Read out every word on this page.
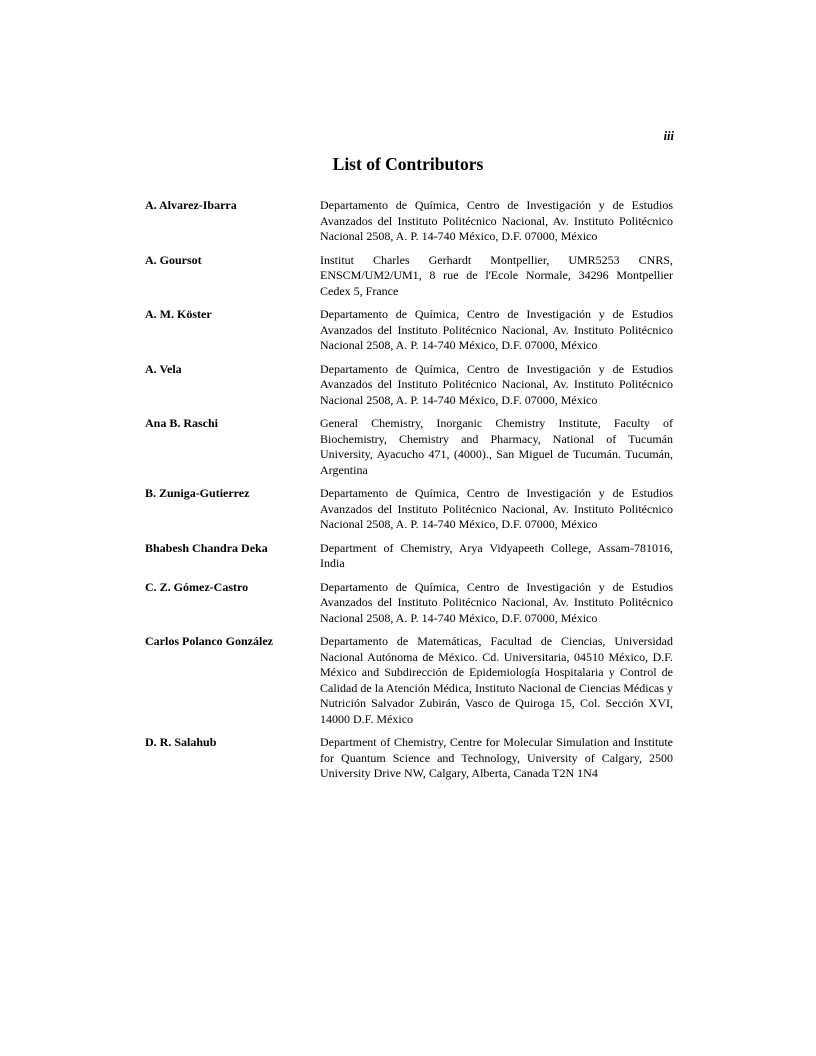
iii
List of Contributors
A. Alvarez-Ibarra	Departamento de Química, Centro de Investigación y de Estudios Avanzados del Instituto Politécnico Nacional, Av. Instituto Politécnico Nacional 2508, A. P. 14-740 México, D.F. 07000, México
A. Goursot	Institut Charles Gerhardt Montpellier, UMR5253 CNRS, ENSCM/UM2/UM1, 8 rue de l'Ecole Normale, 34296 Montpellier Cedex 5, France
A. M. Köster	Departamento de Química, Centro de Investigación y de Estudios Avanzados del Instituto Politécnico Nacional, Av. Instituto Politécnico Nacional 2508, A. P. 14-740 México, D.F. 07000, México
A. Vela	Departamento de Química, Centro de Investigación y de Estudios Avanzados del Instituto Politécnico Nacional, Av. Instituto Politécnico Nacional 2508, A. P. 14-740 México, D.F. 07000, México
Ana B. Raschi	General Chemistry, Inorganic Chemistry Institute, Faculty of Biochemistry, Chemistry and Pharmacy, National of Tucumán University, Ayacucho 471, (4000)., San Miguel de Tucumán. Tucumán, Argentina
B. Zuniga-Gutierrez	Departamento de Química, Centro de Investigación y de Estudios Avanzados del Instituto Politécnico Nacional, Av. Instituto Politécnico Nacional 2508, A. P. 14-740 México, D.F. 07000, México
Bhabesh Chandra Deka	Department of Chemistry, Arya Vidyapeeth College, Assam-781016, India
C. Z. Gómez-Castro	Departamento de Química, Centro de Investigación y de Estudios Avanzados del Instituto Politécnico Nacional, Av. Instituto Politécnico Nacional 2508, A. P. 14-740 México, D.F. 07000, México
Carlos Polanco González	Departamento de Matemáticas, Facultad de Ciencias, Universidad Nacional Autónoma de México. Cd. Universitaria, 04510 México, D.F. México and Subdirección de Epidemiología Hospitalaria y Control de Calidad de la Atención Médica, Instituto Nacional de Ciencias Médicas y Nutrición Salvador Zubirán, Vasco de Quiroga 15, Col. Sección XVI, 14000 D.F. México
D. R. Salahub	Department of Chemistry, Centre for Molecular Simulation and Institute for Quantum Science and Technology, University of Calgary, 2500 University Drive NW, Calgary, Alberta, Canada T2N 1N4
